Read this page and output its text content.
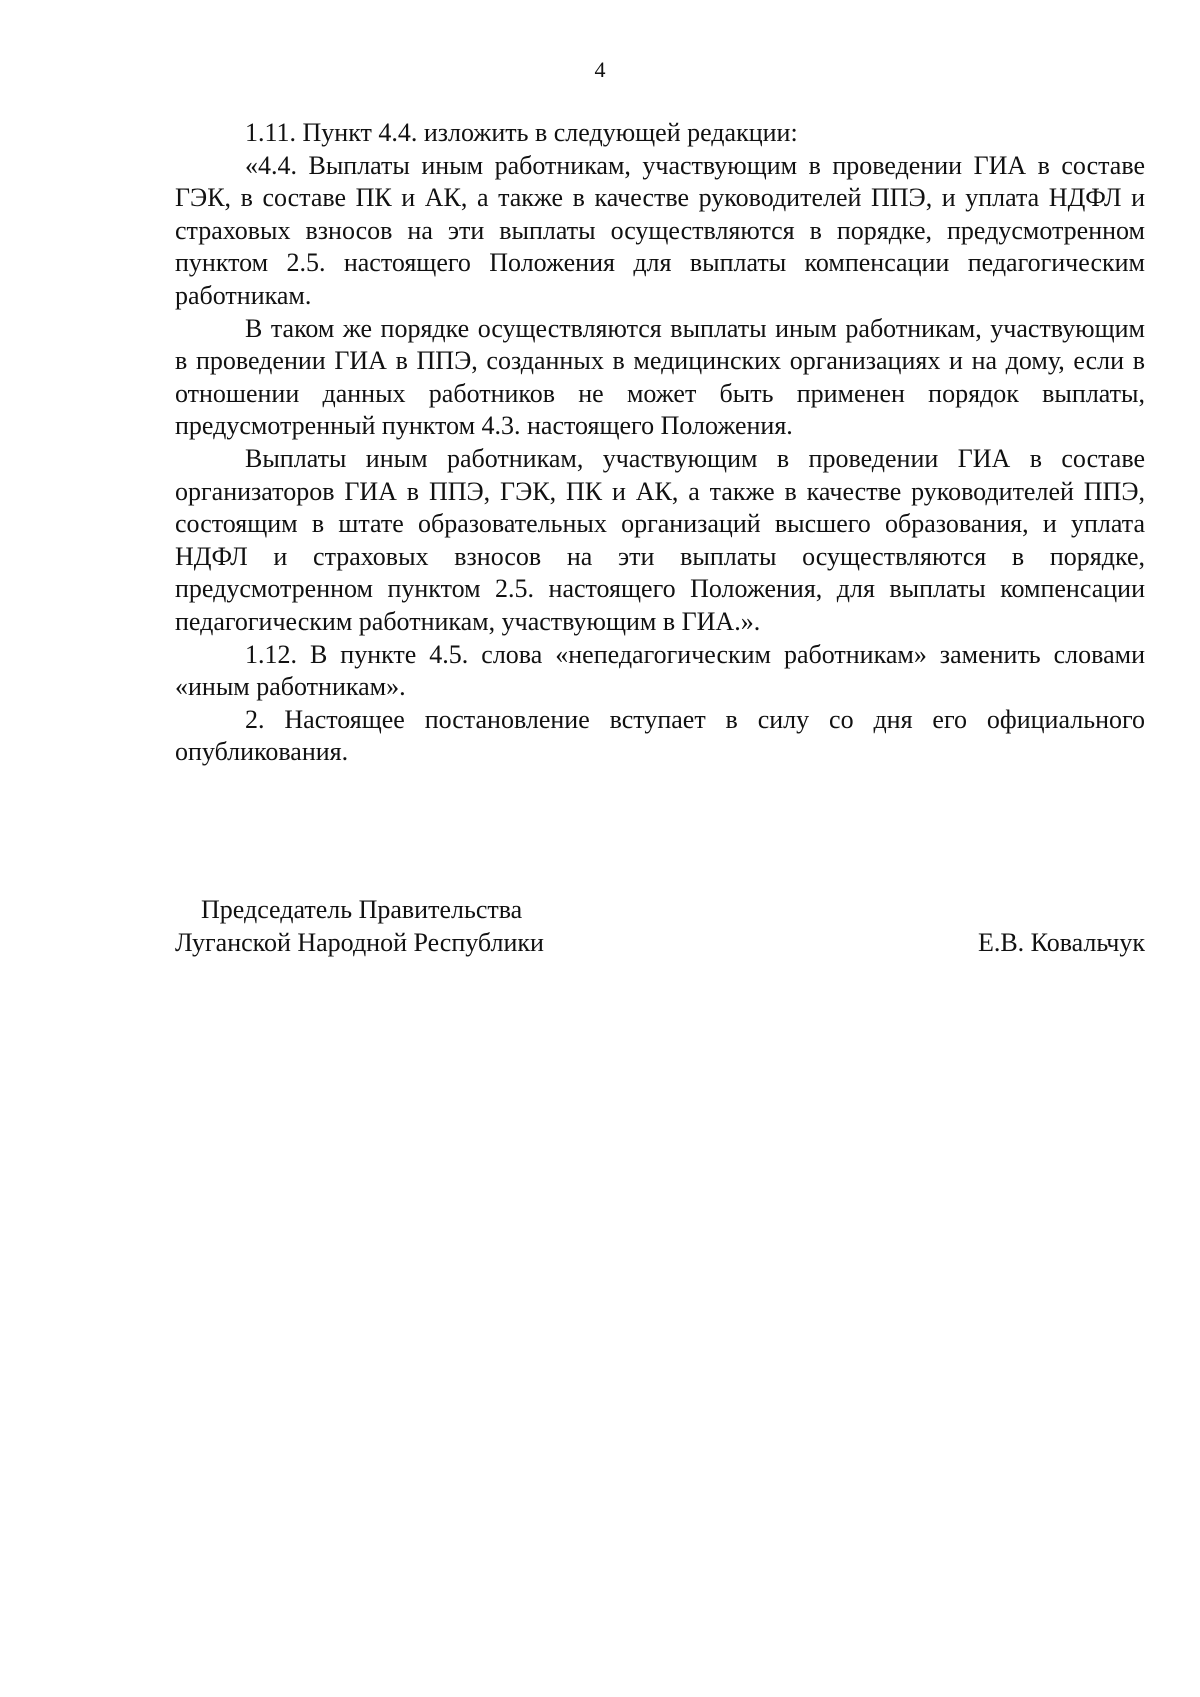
4

1.11. Пункт 4.4. изложить в следующей редакции:

«4.4. Выплаты иным работникам, участвующим в проведении ГИА в составе ГЭК, в составе ПК и АК, а также в качестве руководителей ППЭ, и уплата НДФЛ и страховых взносов на эти выплаты осуществляются в порядке, предусмотренном пунктом 2.5. настоящего Положения для выплаты компенсации педагогическим работникам.

В таком же порядке осуществляются выплаты иным работникам, участвующим в проведении ГИА в ППЭ, созданных в медицинских организациях и на дому, если в отношении данных работников не может быть применен порядок выплаты, предусмотренный пунктом 4.3. настоящего Положения.

Выплаты иным работникам, участвующим в проведении ГИА в составе организаторов ГИА в ППЭ, ГЭК, ПК и АК, а также в качестве руководителей ППЭ, состоящим в штате образовательных организаций высшего образования, и уплата НДФЛ и страховых взносов на эти выплаты осуществляются в порядке, предусмотренном пунктом 2.5. настоящего Положения, для выплаты компенсации педагогическим работникам, участвующим в ГИА.».

1.12. В пункте 4.5. слова «непедагогическим работникам» заменить словами «иным работникам».

2. Настоящее постановление вступает в силу со дня его официального опубликования.

Председатель Правительства
Луганской Народной Республики	Е.В. Ковальчук
